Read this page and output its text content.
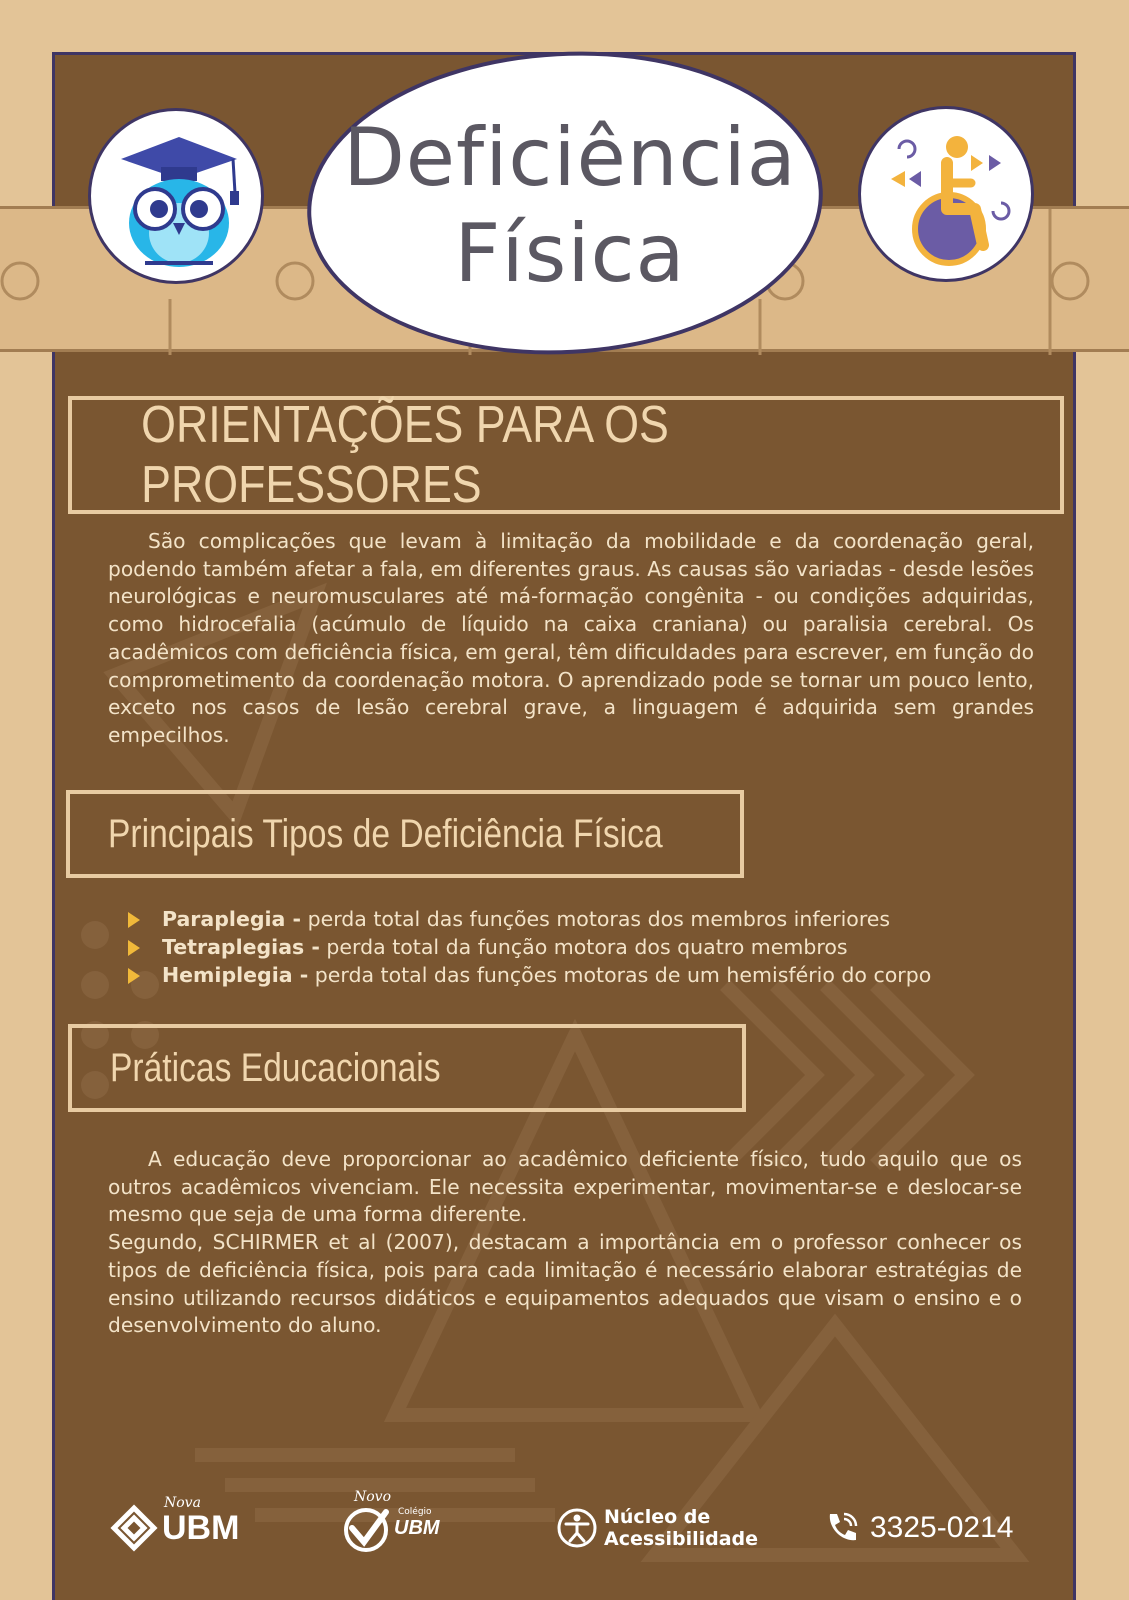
Deficiência
Física
ORIENTAÇÕES PARA OS PROFESSORES

São complicações que levam à limitação da mobilidade e da coordenação geral, podendo também afetar a fala, em diferentes graus. As causas são variadas - desde lesões neurológicas e neuromusculares até má-formação congênita - ou condições adquiridas, como hidrocefalia (acúmulo de líquido na caixa craniana) ou paralisia cerebral. Os acadêmicos com deficiência física, em geral, têm dificuldades para escrever, em função do comprometimento da coordenação motora. O aprendizado pode se tornar um pouco lento, exceto nos casos de lesão cerebral grave, a linguagem é adquirida sem grandes empecilhos.

Principais Tipos de Deficiência Física
Paraplegia - perda total das funções motoras dos membros inferiores
Tetraplegias - perda total da função motora dos quatro membros
Hemiplegia - perda total das funções motoras de um hemisfério do corpo
Práticas Educacionais

A educação deve proporcionar ao acadêmico deficiente físico, tudo aquilo que os outros acadêmicos vivenciam. Ele necessita experimentar, movimentar-se e deslocar-se mesmo que seja de uma forma diferente.

Segundo, SCHIRMER et al (2007), destacam a importância em o professor conhecer os tipos de deficiência física, pois para cada limitação é necessário elaborar estratégias de ensino utilizando recursos didáticos e equipamentos adequados que visam o ensino e o desenvolvimento do aluno.

Nova
UBM
Novo
Colégio
UBM	Núcleo de
Acessibilidade	3325-0214
